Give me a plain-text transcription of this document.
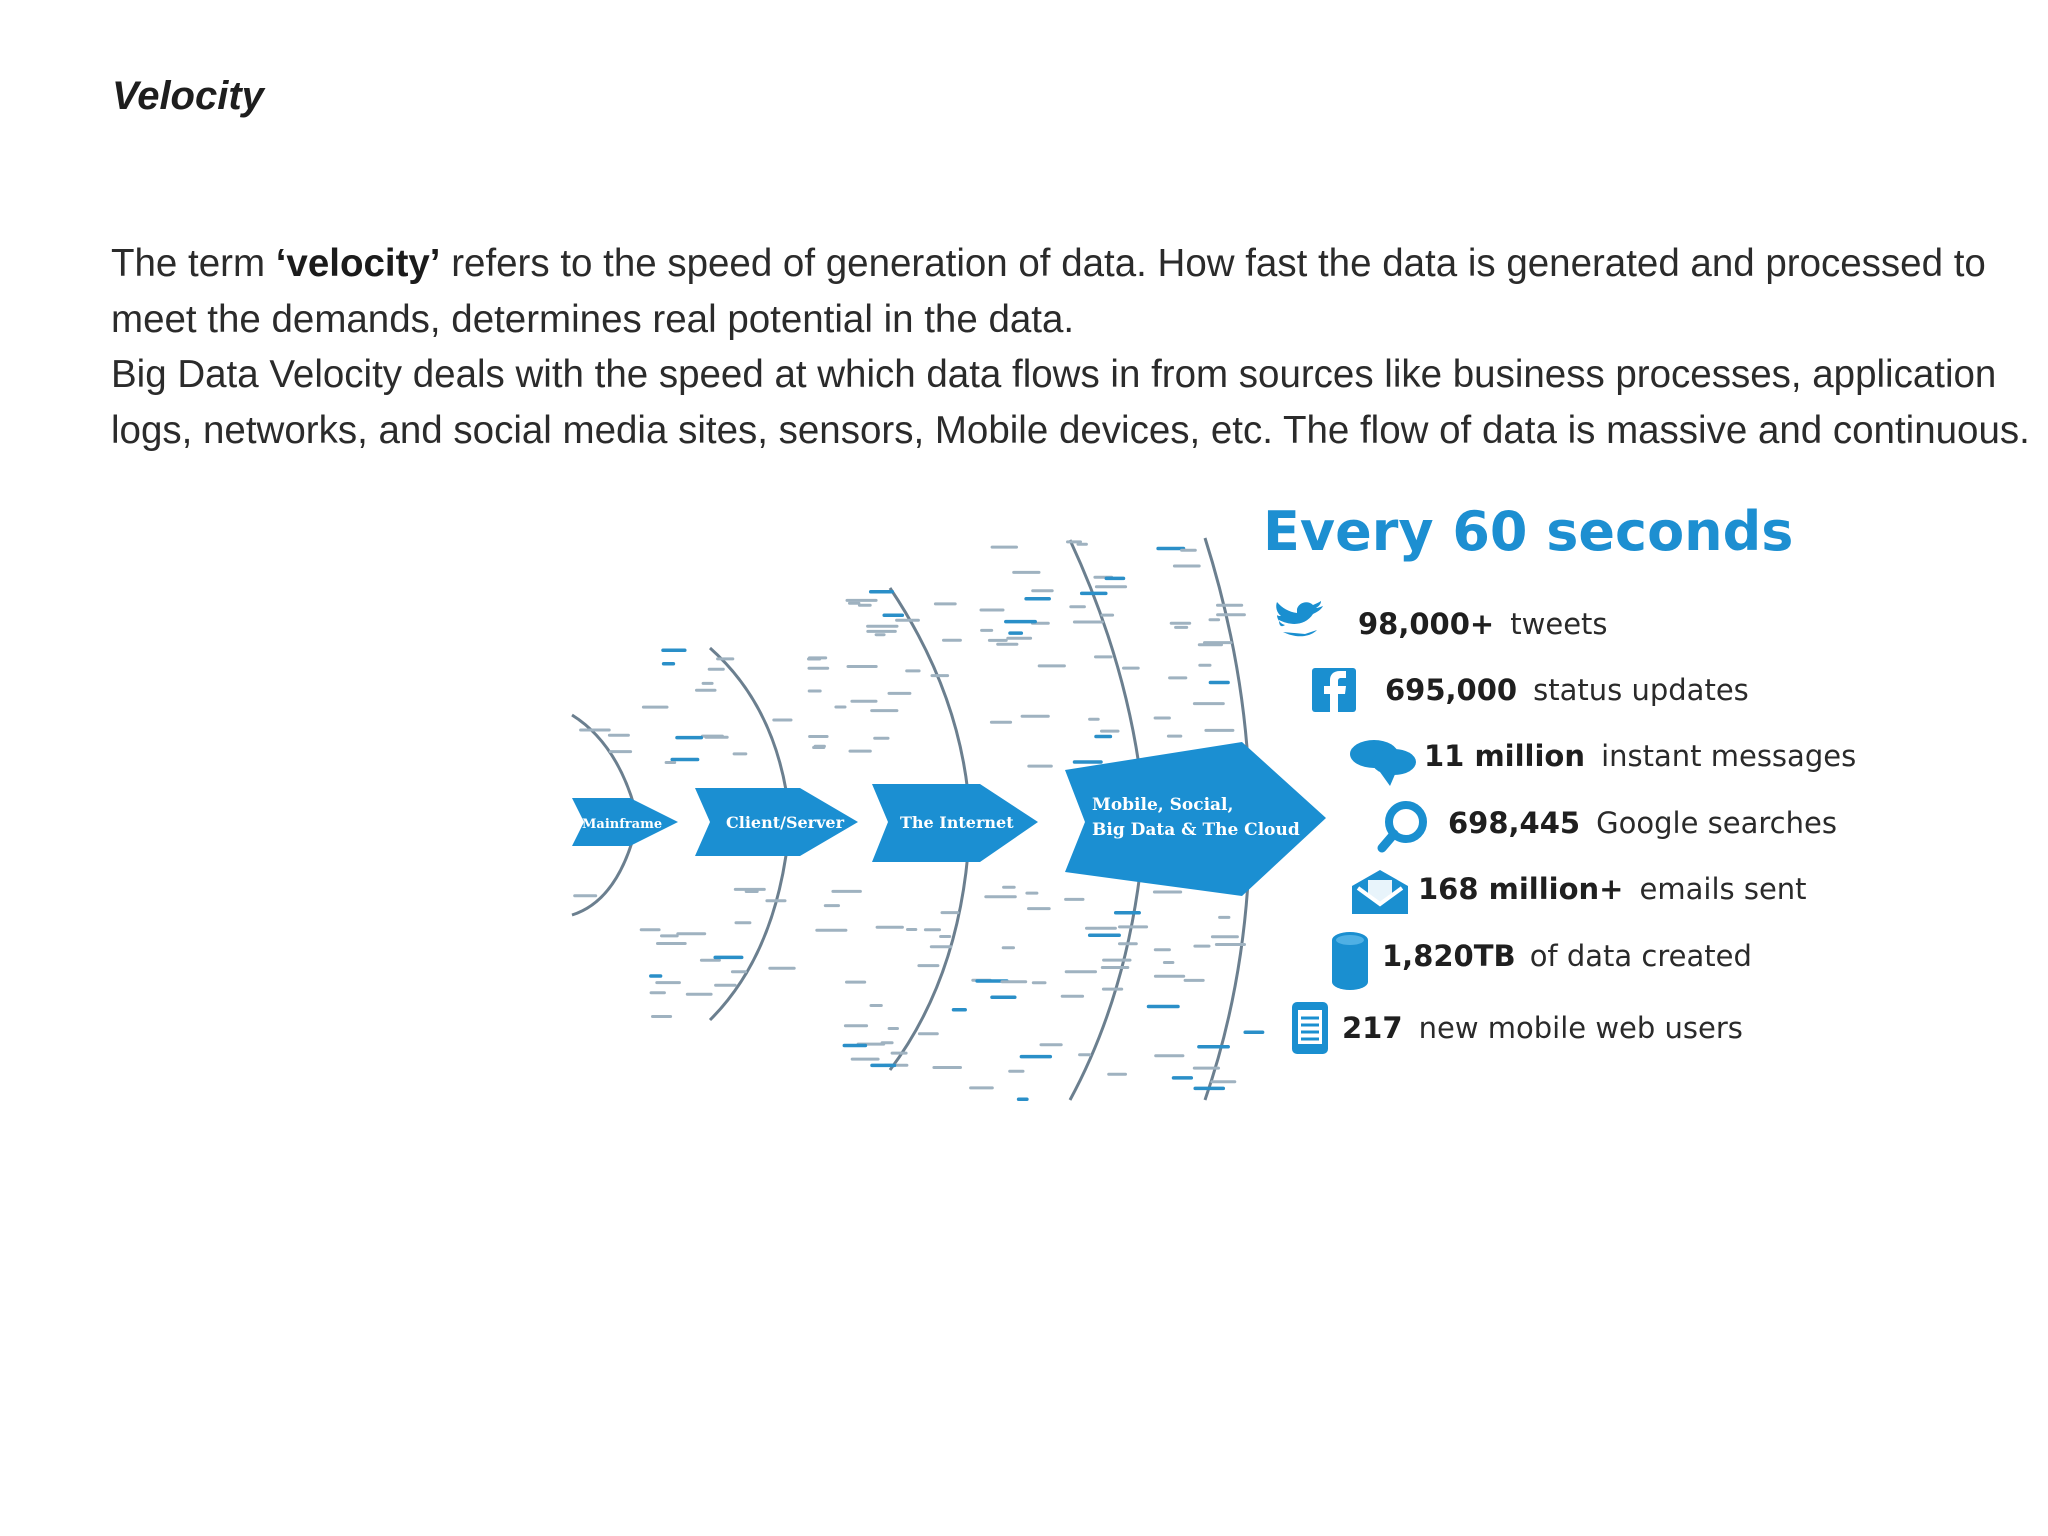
Velocity

The term ‘velocity’ refers to the speed of generation of data. How fast the data is generated and processed to meet the demands, determines real potential in the data.

Big Data Velocity deals with the speed at which data flows in from sources like business processes, application logs, networks, and social media sites, sensors, Mobile devices, etc. The flow of data is massive and continuous.

Mainframe	Client/Server	The Internet
Mobile, Social,
Big Data & The Cloud
Every 60 seconds
98,000+ tweets
695,000 status updates
11 million instant messages
698,445 Google searches
168 million+ emails sent
1,820TB of data created
217 new mobile web users
